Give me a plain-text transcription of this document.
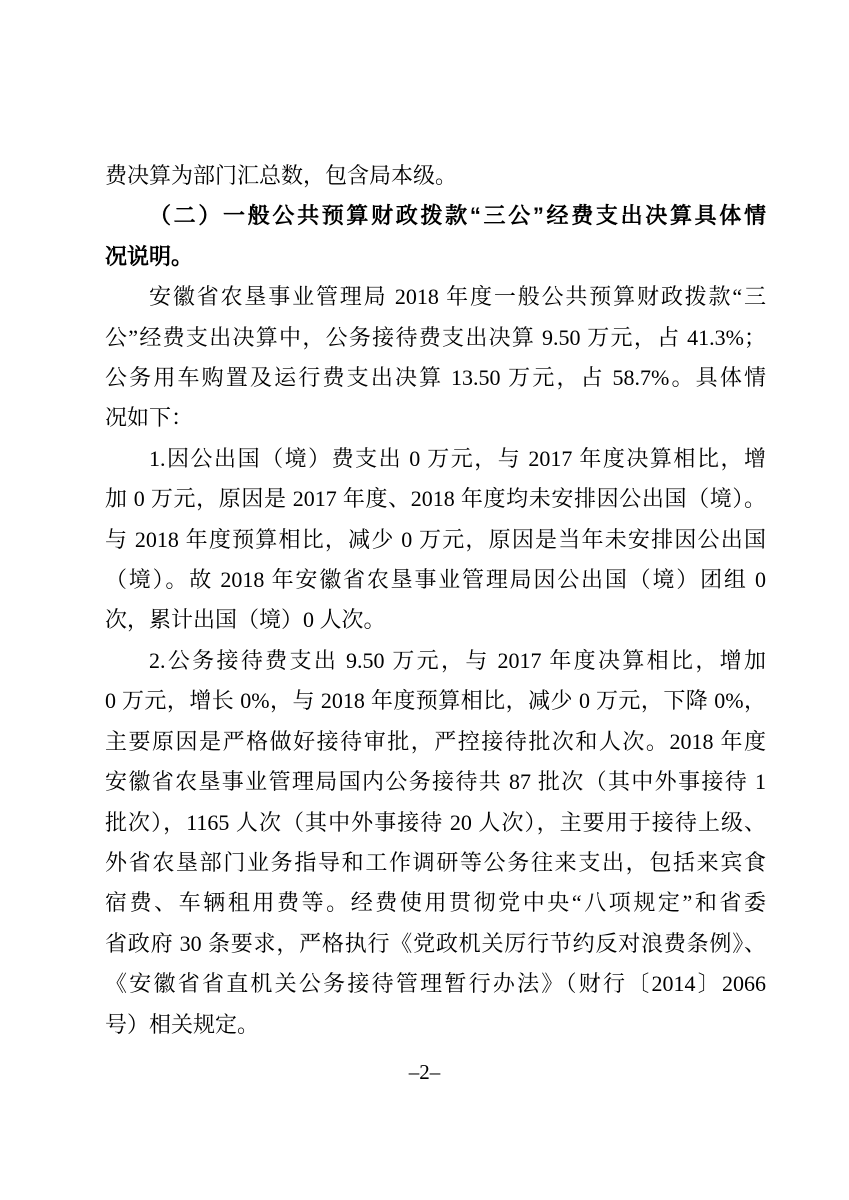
费决算为部门汇总数，包含局本级。
（二）一般公共预算财政拨款“三公”经费支出决算具体情
况说明。
安徽省农垦事业管理局 2018 年度一般公共预算财政拨款“三
公”经费支出决算中，公务接待费支出决算 9.50 万元，占 41.3%；
公务用车购置及运行费支出决算 13.50 万元，占 58.7%。具体情
况如下：
1.因公出国（境）费支出 0 万元，与 2017 年度决算相比，增
加 0 万元，原因是 2017 年度、2018 年度均未安排因公出国（境）。
与 2018 年度预算相比，减少 0 万元，原因是当年未安排因公出国
（境）。故 2018 年安徽省农垦事业管理局因公出国（境）团组 0
次，累计出国（境）0 人次。
2.公务接待费支出 9.50 万元，与 2017 年度决算相比，增加
0 万元，增长 0%，与 2018 年度预算相比，减少 0 万元，下降 0%，
主要原因是严格做好接待审批，严控接待批次和人次。2018 年度
安徽省农垦事业管理局国内公务接待共 87 批次（其中外事接待 1
批次），1165 人次（其中外事接待 20 人次），主要用于接待上级、
外省农垦部门业务指导和工作调研等公务往来支出，包括来宾食
宿费、车辆租用费等。经费使用贯彻党中央“八项规定”和省委
省政府 30 条要求，严格执行《党政机关厉行节约反对浪费条例》、
《安徽省省直机关公务接待管理暂行办法》（财行〔2014〕2066
号）相关规定。
–2–
